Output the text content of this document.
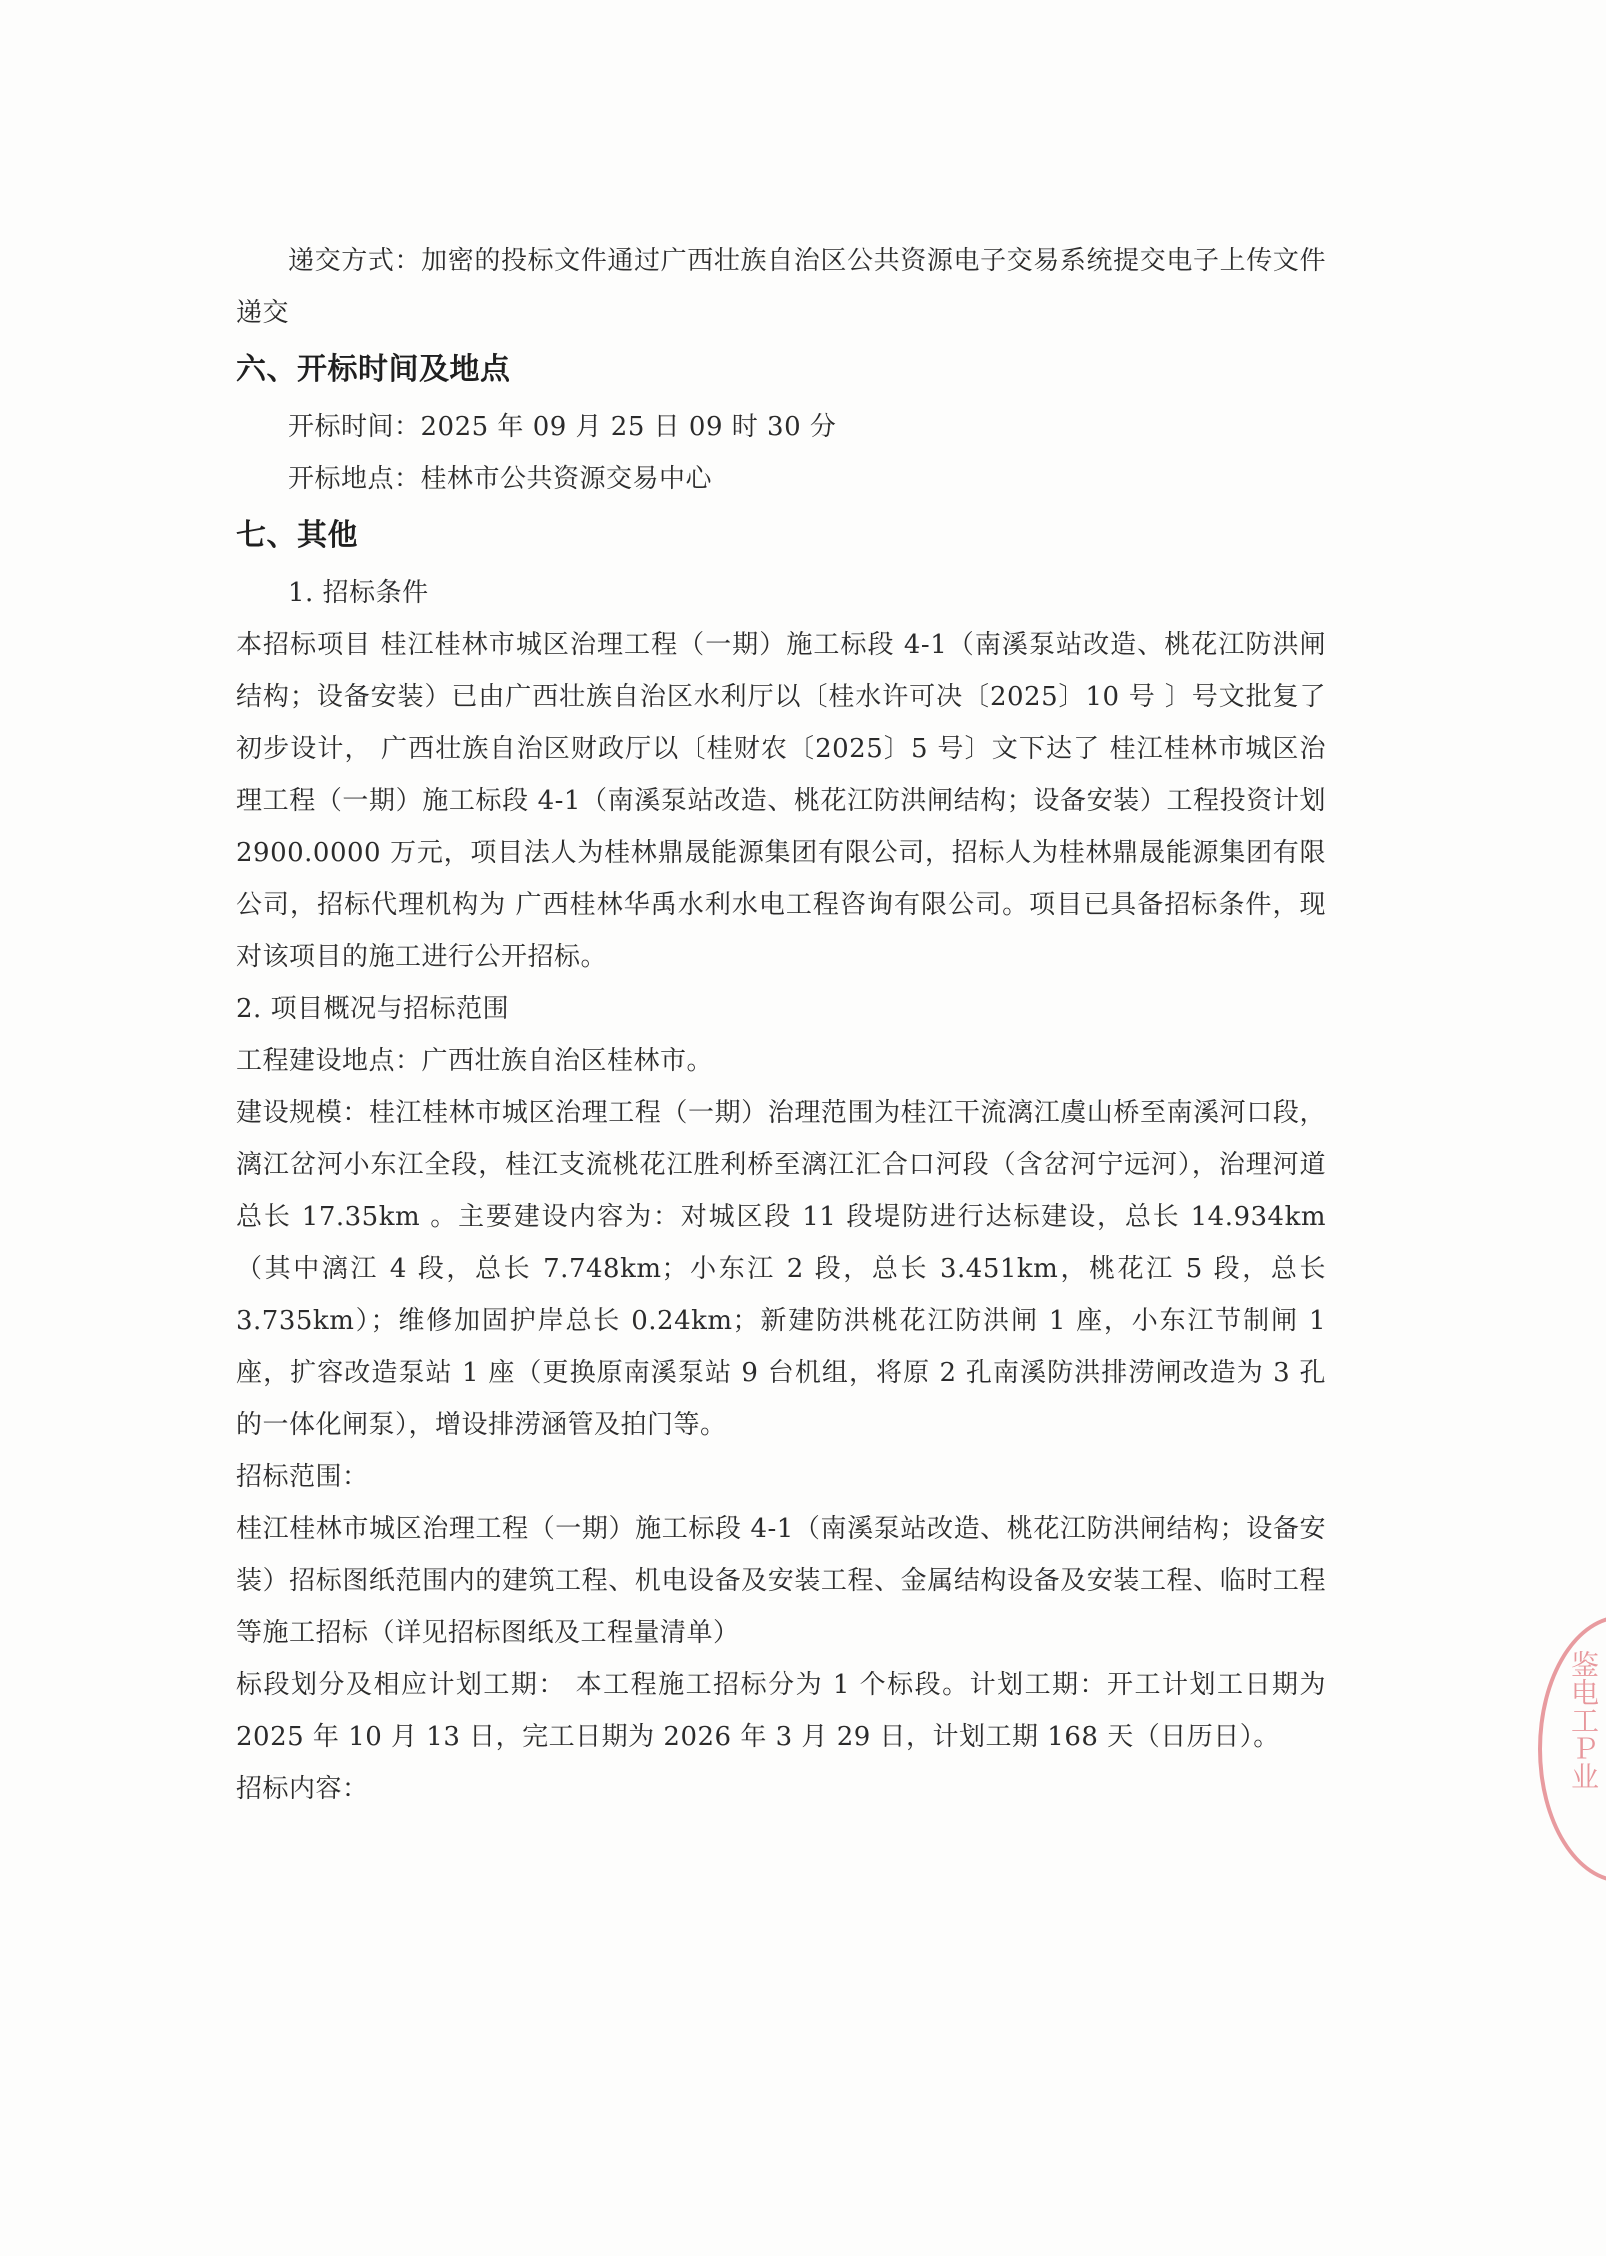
递交方式：加密的投标文件通过广西壮族自治区公共资源电子交易系统提交电子上传文件递交

六、开标时间及地点

开标时间：2025 年 09 月 25 日 09 时 30 分

开标地点：桂林市公共资源交易中心

七、其他

1. 招标条件

本招标项目 桂江桂林市城区治理工程（一期）施工标段 4-1（南溪泵站改造、桃花江防洪闸结构；设备安装）已由广西壮族自治区水利厅以〔桂水许可决〔2025〕10 号 〕号文批复了初步设计， 广西壮族自治区财政厅以〔桂财农〔2025〕5 号〕文下达了 桂江桂林市城区治理工程（一期）施工标段 4-1（南溪泵站改造、桃花江防洪闸结构；设备安装）工程投资计划 2900.0000 万元，项目法人为桂林鼎晟能源集团有限公司，招标人为桂林鼎晟能源集团有限公司，招标代理机构为 广西桂林华禹水利水电工程咨询有限公司。项目已具备招标条件，现对该项目的施工进行公开招标。

2. 项目概况与招标范围

工程建设地点：广西壮族自治区桂林市。

建设规模：桂江桂林市城区治理工程（一期）治理范围为桂江干流漓江虞山桥至南溪河口段，漓江岔河小东江全段，桂江支流桃花江胜利桥至漓江汇合口河段（含岔河宁远河），治理河道总长 17.35km 。主要建设内容为：对城区段 11 段堤防进行达标建设，总长 14.934km（其中漓江 4 段，总长 7.748km；小东江 2 段，总长 3.451km，桃花江 5 段，总长 3.735km）；维修加固护岸总长 0.24km；新建防洪桃花江防洪闸 1 座，小东江节制闸 1 座，扩容改造泵站 1 座（更换原南溪泵站 9 台机组，将原 2 孔南溪防洪排涝闸改造为 3 孔的一体化闸泵），增设排涝涵管及拍门等。

招标范围：

桂江桂林市城区治理工程（一期）施工标段 4-1（南溪泵站改造、桃花江防洪闸结构；设备安装）招标图纸范围内的建筑工程、机电设备及安装工程、金属结构设备及安装工程、临时工程等施工招标（详见招标图纸及工程量清单）

标段划分及相应计划工期： 本工程施工招标分为 1 个标段。计划工期：开工计划工日期为 2025 年 10 月 13 日，完工日期为 2026 年 3 月 29 日，计划工期 168 天（日历日）。

招标内容：	鉴电工Ｐ业
